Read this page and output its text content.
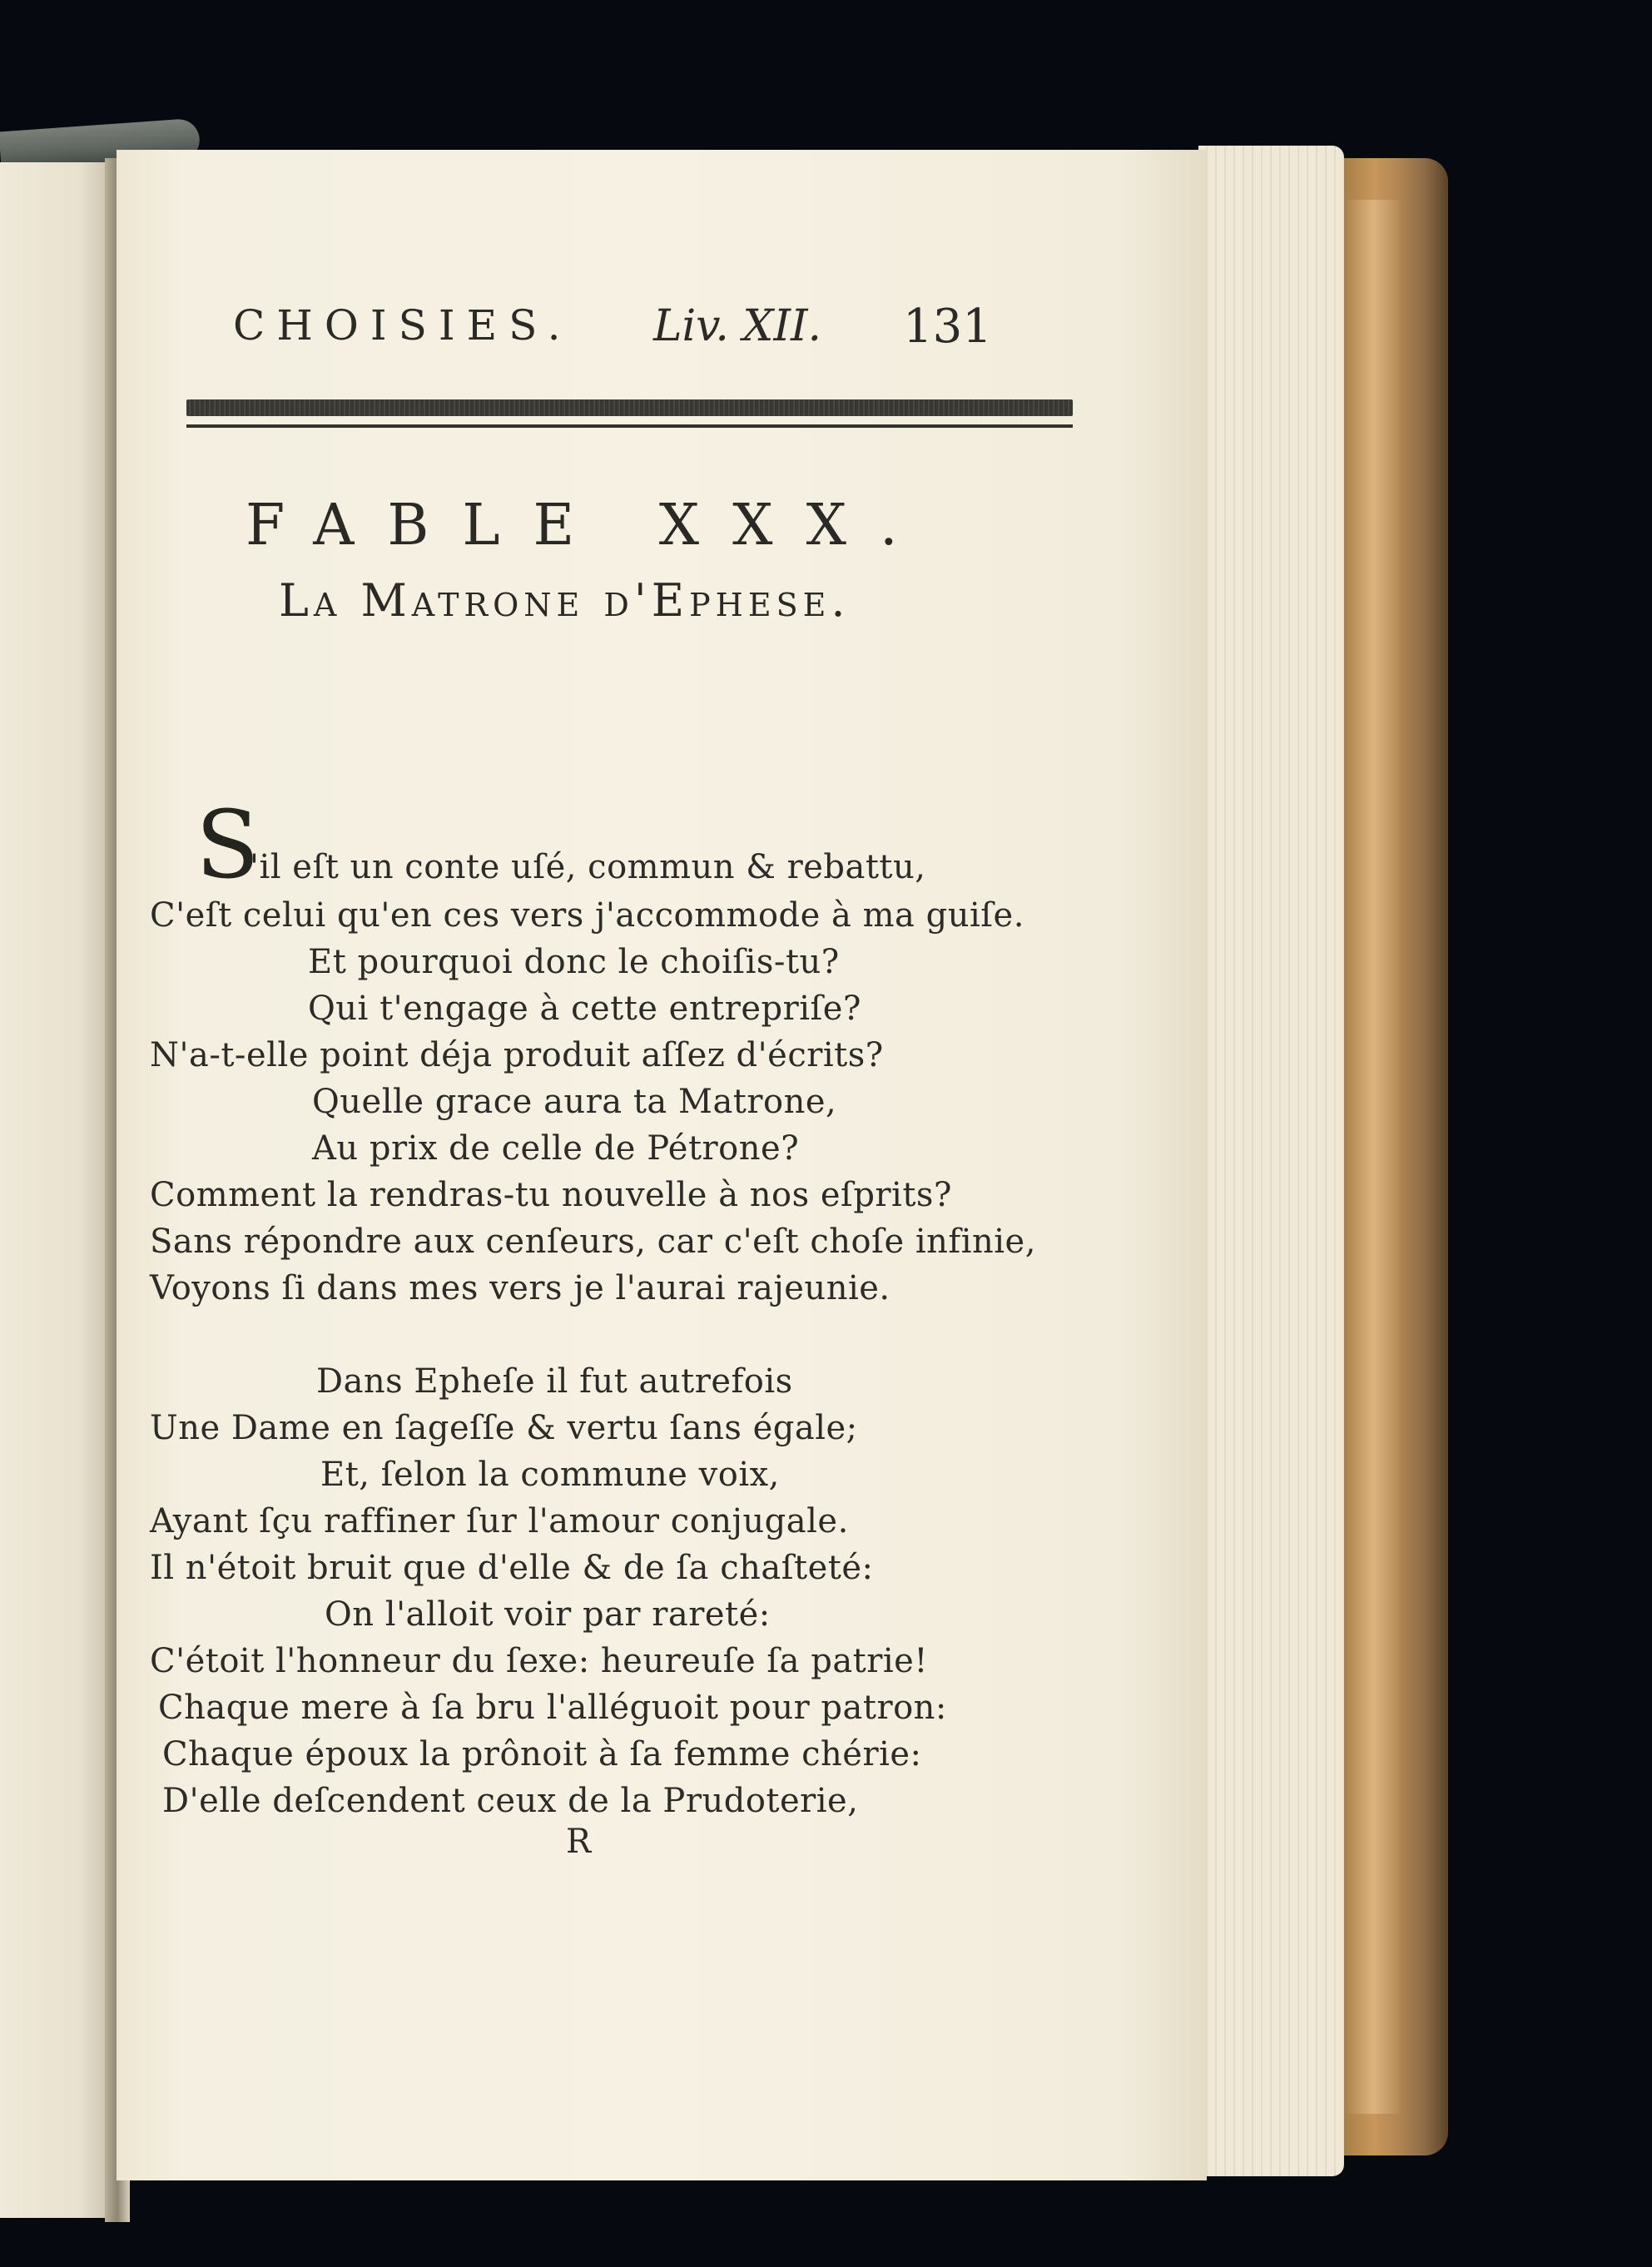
CHOISIES. Liv. XII. 131
FABLE XXX.
La Matrone d'Ephese.
S
'il eſt un conte uſé, commun & rebattu,
C'eſt celui qu'en ces vers j'accommode à ma guiſe.
Et pourquoi donc le choiſis-tu?
Qui t'engage à cette entrepriſe?
N'a-t-elle point déja produit aſſez d'écrits?
Quelle grace aura ta Matrone,
Au prix de celle de Pétrone?
Comment la rendras-tu nouvelle à nos eſprits?
Sans répondre aux cenſeurs, car c'eſt choſe infinie,
Voyons ſi dans mes vers je l'aurai rajeunie.
Dans Epheſe il fut autrefois
Une Dame en ſageſſe & vertu ſans égale;
Et, ſelon la commune voix,
Ayant ſçu raffiner ſur l'amour conjugale.
Il n'étoit bruit que d'elle & de ſa chaſteté:
On l'alloit voir par rareté:
C'étoit l'honneur du ſexe: heureuſe ſa patrie!
Chaque mere à ſa bru l'alléguoit pour patron:
Chaque époux la prônoit à ſa femme chérie:
D'elle deſcendent ceux de la Prudoterie,
R
